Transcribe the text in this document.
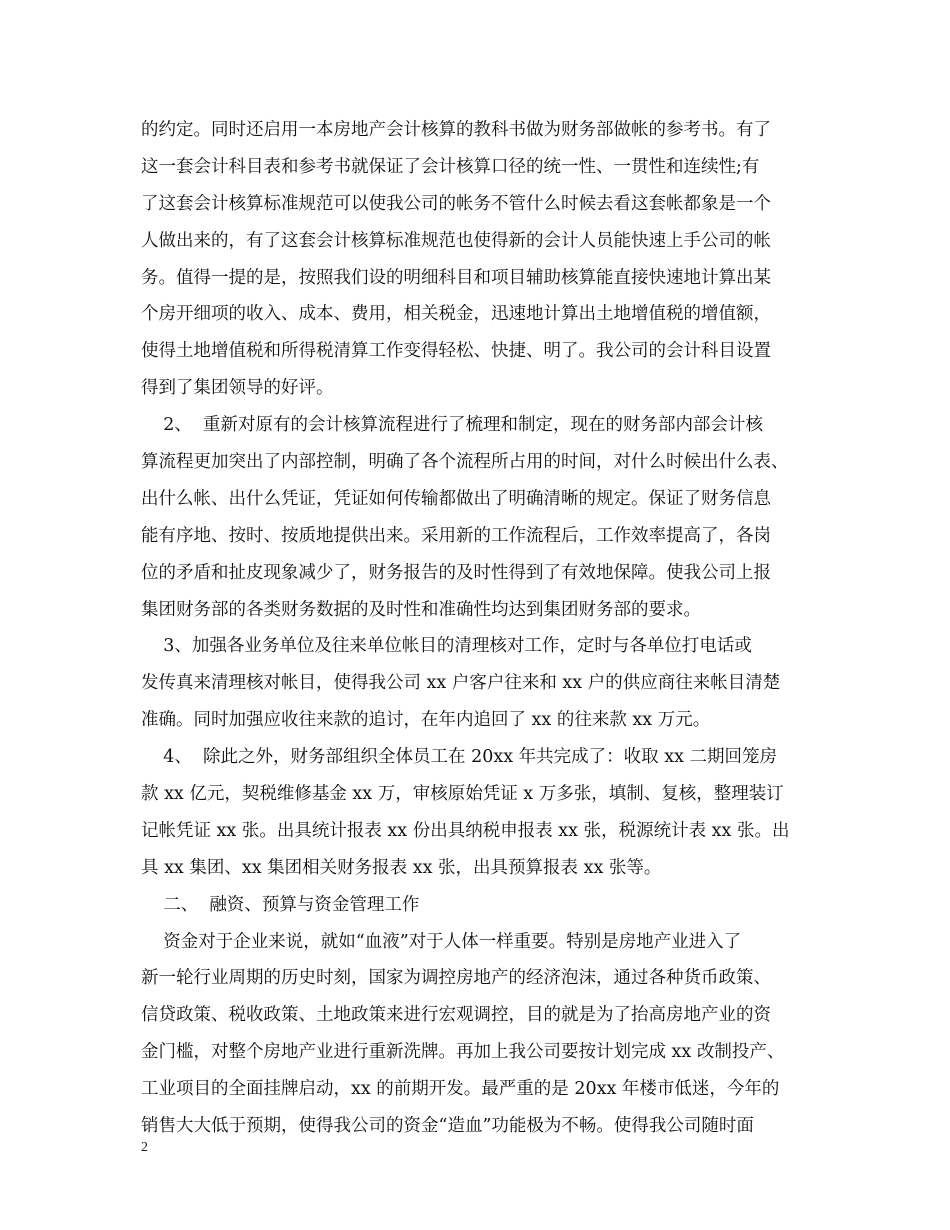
的约定。同时还启用一本房地产会计核算的教科书做为财务部做帐的参考书。有了
这一套会计科目表和参考书就保证了会计核算口径的统一性、一贯性和连续性;有
了这套会计核算标准规范可以使我公司的帐务不管什么时候去看这套帐都象是一个
人做出来的，有了这套会计核算标准规范也使得新的会计人员能快速上手公司的帐
务。值得一提的是，按照我们设的明细科目和项目辅助核算能直接快速地计算出某
个房开细项的收入、成本、费用，相关税金，迅速地计算出土地增值税的增值额，
使得土地增值税和所得税清算工作变得轻松、快捷、明了。我公司的会计科目设置
得到了集团领导的好评。
2、  重新对原有的会计核算流程进行了梳理和制定，现在的财务部内部会计核
算流程更加突出了内部控制，明确了各个流程所占用的时间，对什么时候出什么表、
出什么帐、出什么凭证，凭证如何传输都做出了明确清晰的规定。保证了财务信息
能有序地、按时、按质地提供出来。采用新的工作流程后，工作效率提高了，各岗
位的矛盾和扯皮现象减少了，财务报告的及时性得到了有效地保障。使我公司上报
集团财务部的各类财务数据的及时性和准确性均达到集团财务部的要求。
3、加强各业务单位及往来单位帐目的清理核对工作，定时与各单位打电话或
发传真来清理核对帐目，使得我公司 xx 户客户往来和 xx 户的供应商往来帐目清楚
准确。同时加强应收往来款的追讨，在年内追回了 xx 的往来款 xx 万元。
4、  除此之外，财务部组织全体员工在 20xx 年共完成了：收取 xx 二期回笼房
款 xx 亿元，契税维修基金 xx 万，审核原始凭证 x 万多张，填制、复核，整理装订
记帐凭证 xx 张。出具统计报表 xx 份出具纳税申报表 xx 张，税源统计表 xx 张。出
具 xx 集团、xx 集团相关财务报表 xx 张，出具预算报表 xx 张等。
二、  融资、预算与资金管理工作
资金对于企业来说，就如“血液”对于人体一样重要。特别是房地产业进入了
新一轮行业周期的历史时刻，国家为调控房地产的经济泡沫，通过各种货币政策、
信贷政策、税收政策、土地政策来进行宏观调控，目的就是为了抬高房地产业的资
金门槛，对整个房地产业进行重新洗牌。再加上我公司要按计划完成 xx 改制投产、
工业项目的全面挂牌启动，xx 的前期开发。最严重的是 20xx 年楼市低迷，今年的
销售大大低于预期，使得我公司的资金“造血”功能极为不畅。使得我公司随时面
2
